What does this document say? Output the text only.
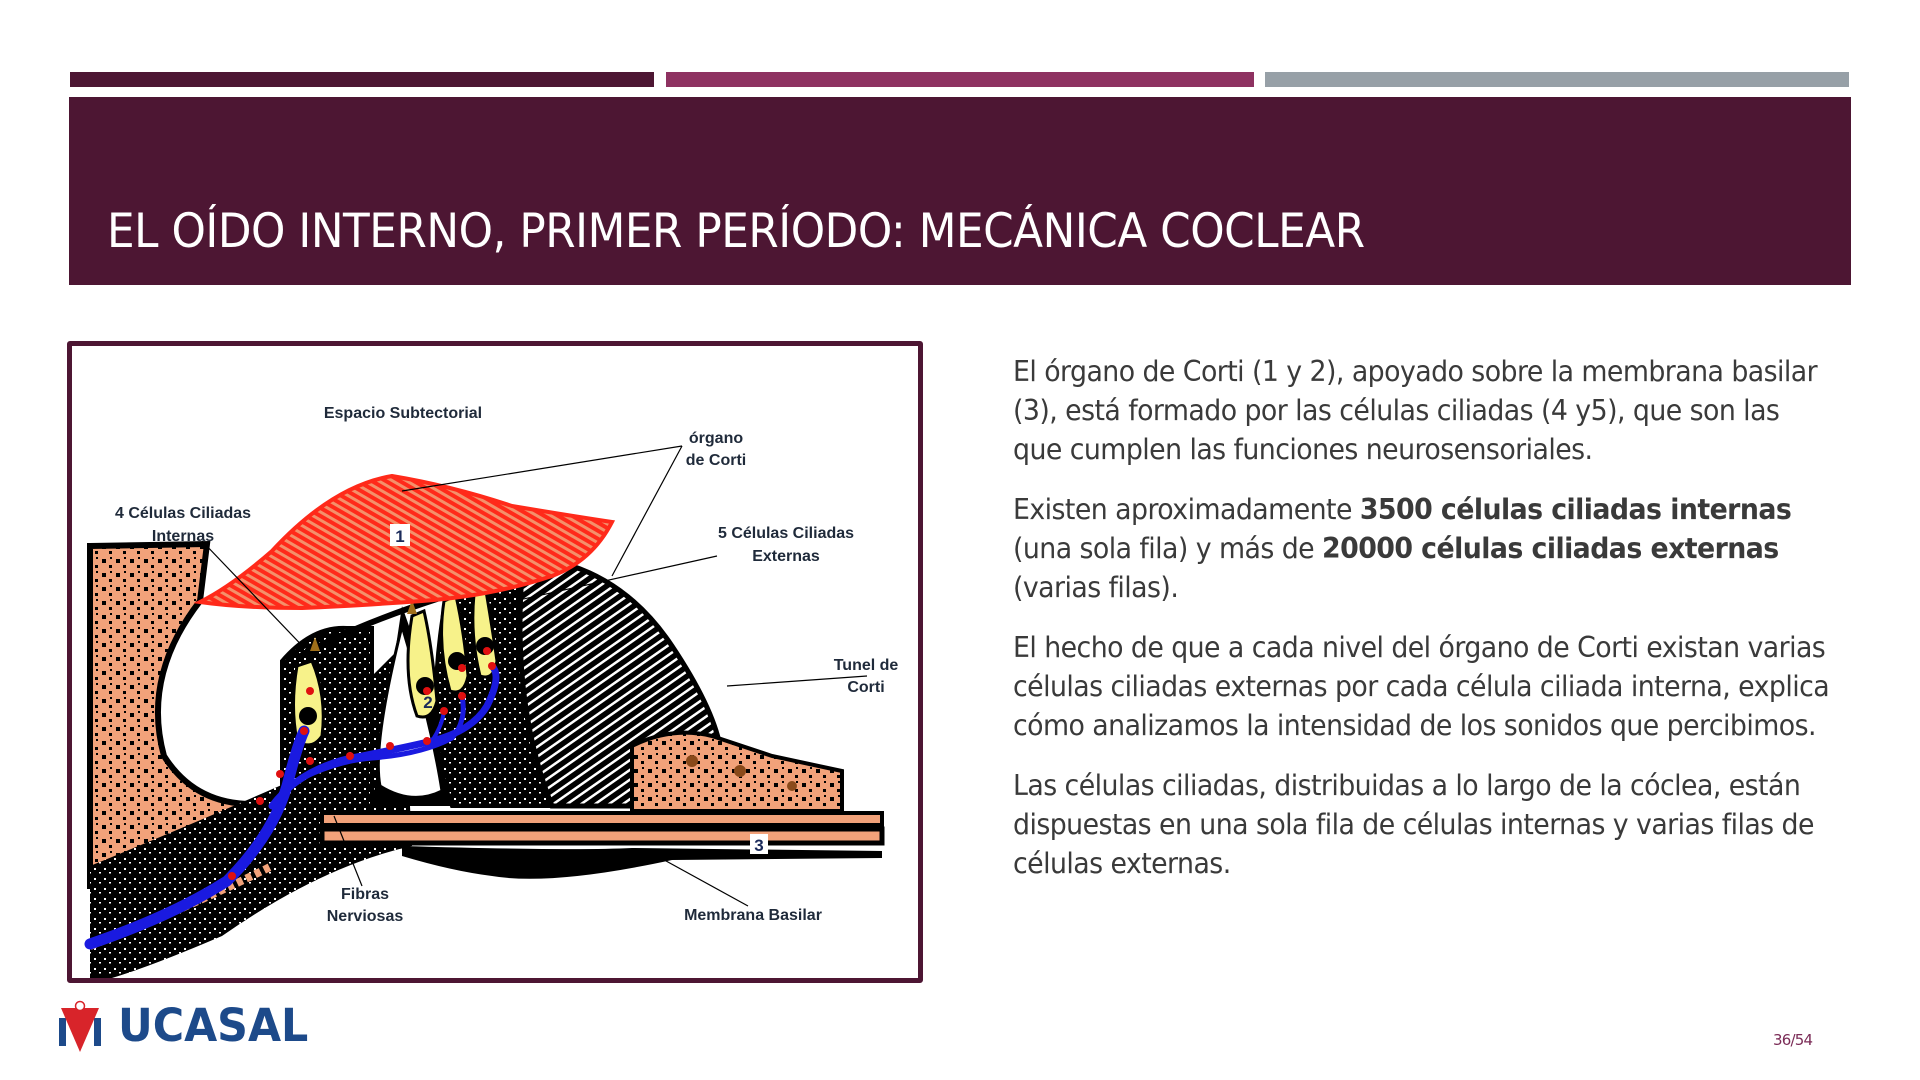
EL OÍDO INTERNO, PRIMER PERÍODO: MECÁNICA COCLEAR
1
2
3
Espacio Subtectorial
órgano
de Corti
4 Células Ciliadas
Internas	5 Células Ciliadas
Externas
Tunel de
Corti
Fibras
Nerviosas	Membrana Basilar

El órgano de Corti (1 y 2), apoyado sobre la membrana basilar (3), está formado por las células ciliadas (4 y5), que son las que cumplen las funciones neurosensoriales.

Existen aproximadamente 3500 células ciliadas internas (una sola fila) y más de 20000 células ciliadas externas (varias filas).

El hecho de que a cada nivel del órgano de Corti existan varias células ciliadas externas por cada célula ciliada interna, explica cómo analizamos la intensidad de los sonidos que percibimos.

Las células ciliadas, distribuidas a lo largo de la cóclea, están dispuestas en una sola fila de células internas y varias filas de células externas.

UCASAL	36/54
